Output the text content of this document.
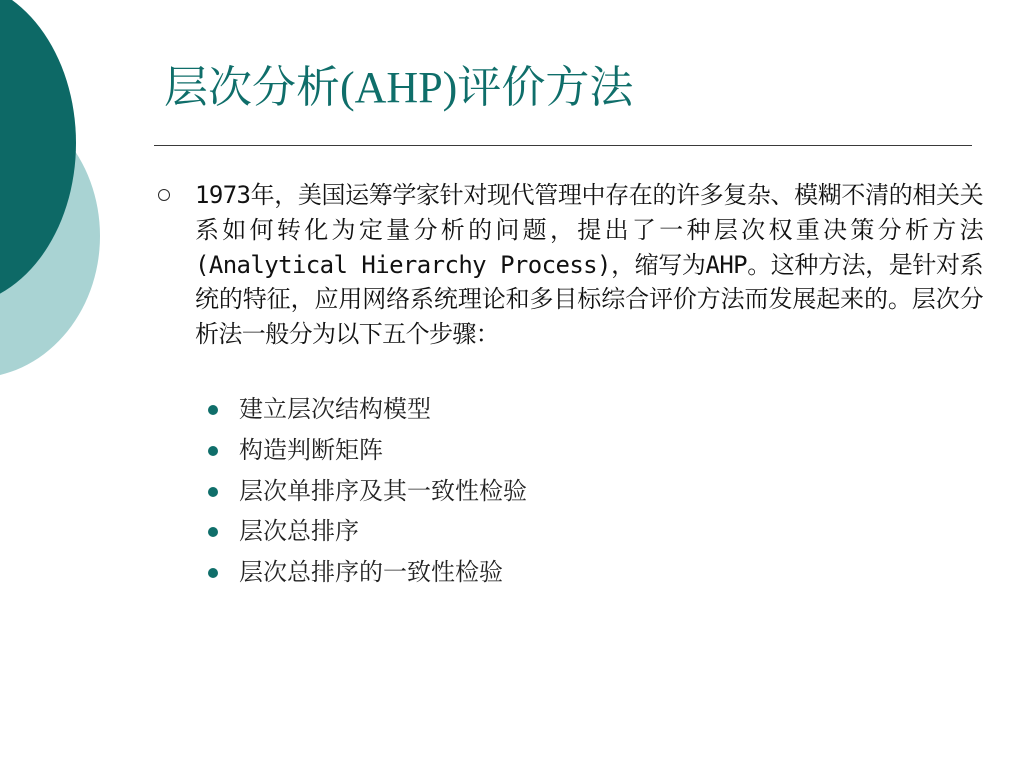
层次分析(AHP)评价方法

1973年，美国运筹学家针对现代管理中存在的许多复杂、模糊不清的相关关系如何转化为定量分析的问题，提出了一种层次权重决策分析方法(Analytical Hierarchy Process)，缩写为AHP。这种方法，是针对系统的特征，应用网络系统理论和多目标综合评价方法而发展起来的。层次分析法一般分为以下五个步骤：

建立层次结构模型
构造判断矩阵
层次单排序及其一致性检验
层次总排序
层次总排序的一致性检验
